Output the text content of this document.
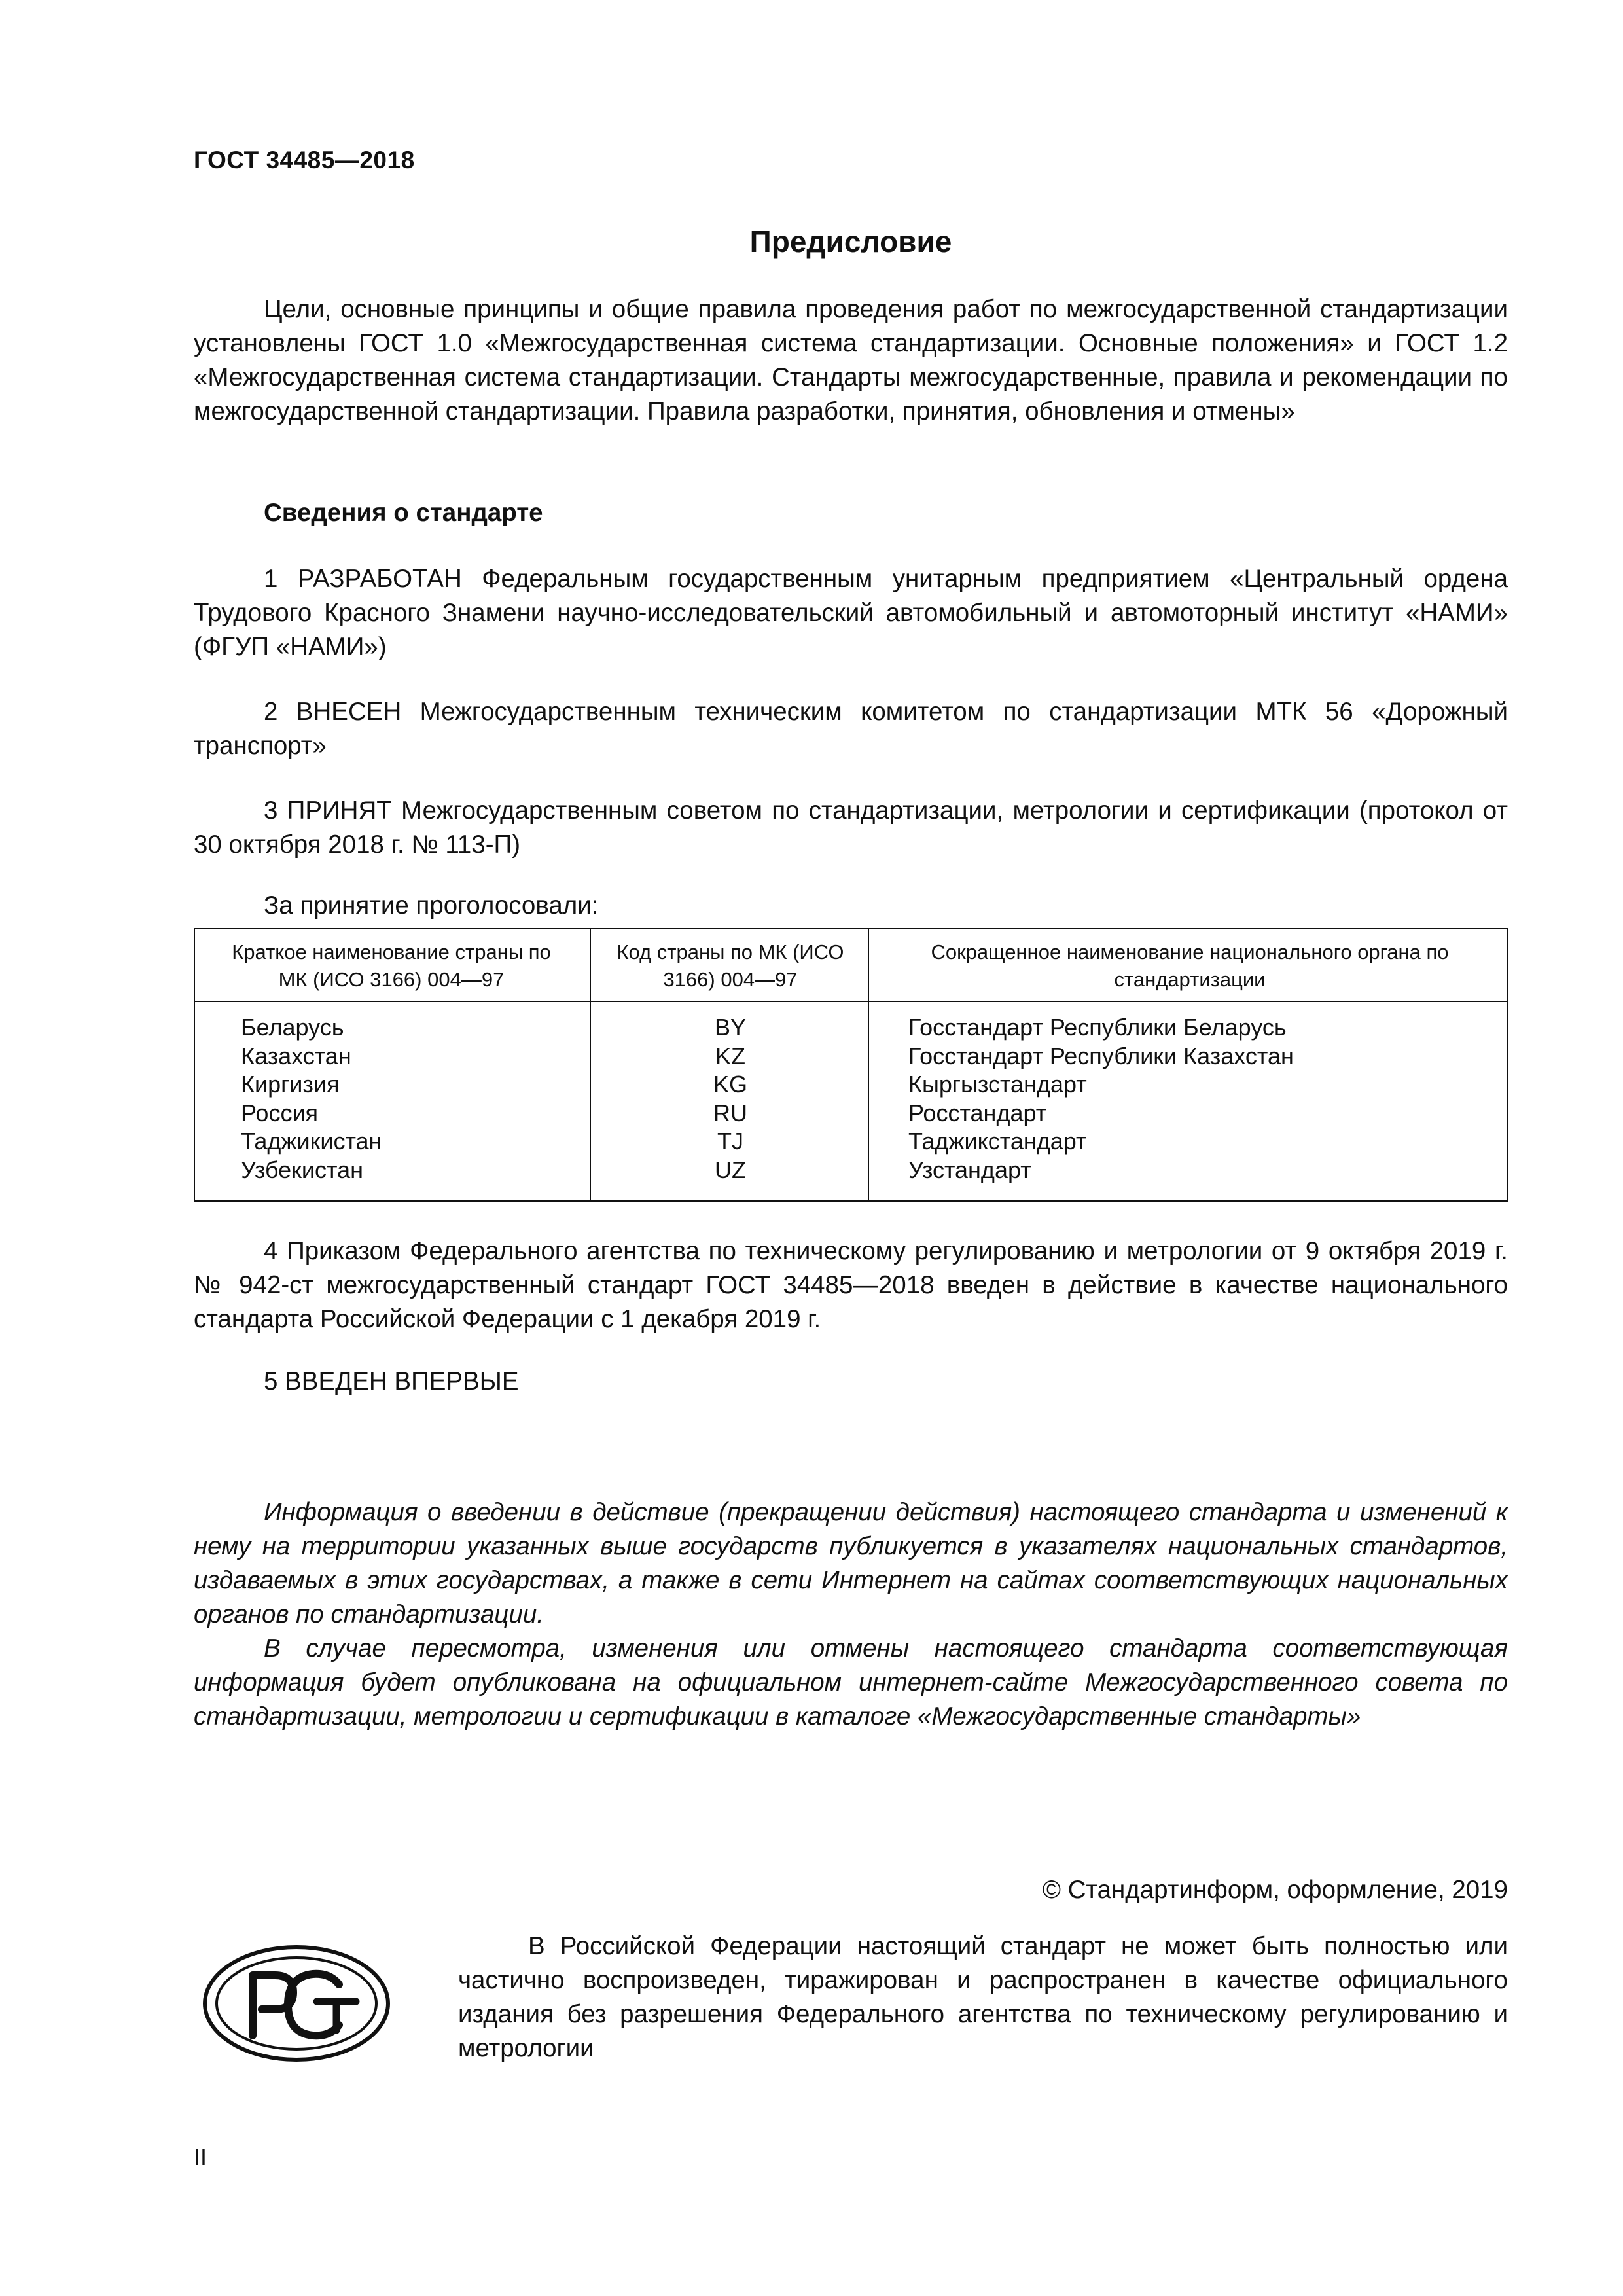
ГОСТ 34485—2018
Предисловие

Цели, основные принципы и общие правила проведения работ по межгосударственной стандартизации установлены ГОСТ 1.0 «Межгосударственная система стандартизации. Основные положения» и ГОСТ 1.2 «Межгосударственная система стандартизации. Стандарты межгосударственные, правила и рекомендации по межгосударственной стандартизации. Правила разработки, принятия, обновления и отмены»

Сведения о стандарте

1 РАЗРАБОТАН Федеральным государственным унитарным предприятием «Центральный ордена Трудового Красного Знамени научно-исследовательский автомобильный и автомоторный институт «НАМИ» (ФГУП «НАМИ»)

2 ВНЕСЕН Межгосударственным техническим комитетом по стандартизации МТК 56 «Дорожный транспорт»

3 ПРИНЯТ Межгосударственным советом по стандартизации, метрологии и сертификации (протокол от 30 октября 2018 г. № 113-П)

За принятие проголосовали:
Краткое наименование страны по МК (ИСО 3166) 004—97
Код страны по МК (ИСО 3166) 004—97
Сокращенное наименование национального органа по стандартизации
Беларусь
Казахстан
Киргизия
Россия
Таджикистан
Узбекистан
BY
KZ
KG
RU
TJ
UZ
Госстандарт Республики Беларусь
Госстандарт Республики Казахстан
Кыргызстандарт
Росстандарт
Таджикстандарт
Узстандарт

4 Приказом Федерального агентства по техническому регулированию и метрологии от 9 октября 2019 г. № 942-ст межгосударственный стандарт ГОСТ 34485—2018 введен в действие в качестве национального стандарта Российской Федерации с 1 декабря 2019 г.

5 ВВЕДЕН ВПЕРВЫЕ

Информация о введении в действие (прекращении действия) настоящего стандарта и изменений к нему на территории указанных выше государств публикуется в указателях национальных стандартов, издаваемых в этих государствах, а также в сети Интернет на сайтах соответствующих национальных органов по стандартизации.

В случае пересмотра, изменения или отмены настоящего стандарта соответствующая информация будет опубликована на официальном интернет-сайте Межгосударственного совета по стандартизации, метрологии и сертификации в каталоге «Межгосударственные стандарты»

© Стандартинформ, оформление, 2019

В Российской Федерации настоящий стандарт не может быть полностью или частично воспроизведен, тиражирован и распространен в качестве официального издания без разрешения Федерального агентства по техническому регулированию и метрологии

II
